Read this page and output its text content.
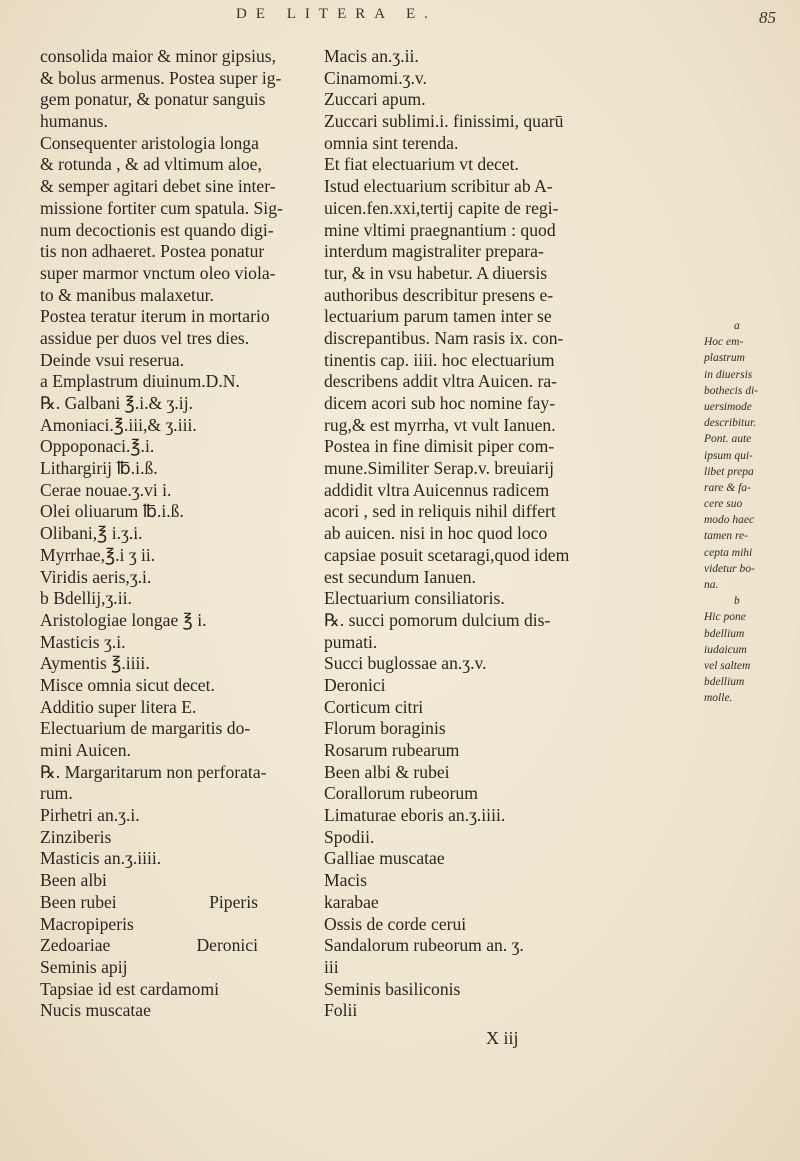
DE LITERA E.	85
consolida maior & minor gipsius,
& bolus armenus. Postea super ig-
gem ponatur, & ponatur sanguis
humanus.
Consequenter aristologia longa
& rotunda , & ad vltimum aloe,
& semper agitari debet sine inter-
missione fortiter cum spatula. Sig-
num decoctionis est quando digi-
tis non adhaeret. Postea ponatur
super marmor vnctum oleo viola-
to & manibus malaxetur.
Postea teratur iterum in mortario
assidue per duos vel tres dies.
Deinde vsui reserua.
a Emplastrum diuinum.D.N.
℞. Galbani ℥.i.& ʒ.ij.
Amoniaci.℥.iii,& ʒ.iii.
Oppoponaci.℥.i.
Lithargirij ℔.i.ß.
Cerae nouae.ʒ.vi i.
Olei oliuarum ℔.i.ß.
Olibani,℥ i.ʒ.i.
Myrrhae,℥.i ʒ ii.
Viridis aeris,ʒ.i.
b Bdellij,ʒ.ii.
Aristologiae longae ℥ i.
Masticis ʒ.i.
Aymentis ℥.iiii.
Misce omnia sicut decet.
Additio super litera E.
Electuarium de margaritis do-
mini Auicen.
℞. Margaritarum non perforata-
rum.
Pirhetri an.ʒ.i.
Zinziberis
Masticis an.ʒ.iiii.
Been albi
Been rubei	Piperis
Macropiperis
Zedoariae	Deronici
Seminis apij
Tapsiae id est cardamomi
Nucis muscatae
Macis an.ʒ.ii.
Cinamomi.ʒ.v.
Zuccari apum.
Zuccari sublimi.i. finissimi, quarū
omnia sint terenda.
Et fiat electuarium vt decet.
Istud electuarium scribitur ab A-
uicen.fen.xxi,tertij capite de regi-
mine vltimi praegnantium : quod
interdum magistraliter prepara-
tur, & in vsu habetur. A diuersis
authoribus describitur presens e-
lectuarium parum tamen inter se
discrepantibus. Nam rasis ix. con-
tinentis cap. iiii. hoc electuarium
describens addit vltra Auicen. ra-
dicem acori sub hoc nomine fay-
rug,& est myrrha, vt vult Ianuen.
Postea in fine dimisit piper com-
mune.Similiter Serap.v. breuiarij
addidit vltra Auicennus radicem
acori , sed in reliquis nihil differt
ab auicen. nisi in hoc quod loco
capsiae posuit scetaragi,quod idem
est secundum Ianuen.
Electuarium consiliatoris.
℞. succi pomorum dulcium dis-
pumati.
Succi buglossae an.ʒ.v.
Deronici
Corticum citri
Florum boraginis
Rosarum rubearum
Been albi & rubei
Corallorum rubeorum
Limaturae eboris an.ʒ.iiii.
Spodii.
Galliae muscatae
Macis
karabae
Ossis de corde cerui
Sandalorum rubeorum an. ʒ.
iii
Seminis basiliconis
Folii
a
Hoc em-
plastrum
in diuersis
bothecis di-
uersimode
describitur.
Pont. aute
ipsum qui-
libet prepa
rare & fa-
cere suo
modo haec
tamen re-
cepta mihi
videtur bo-
na.
b
Hic pone
bdellium
iudaicum
vel saltem
bdellium
molle.
X iij
